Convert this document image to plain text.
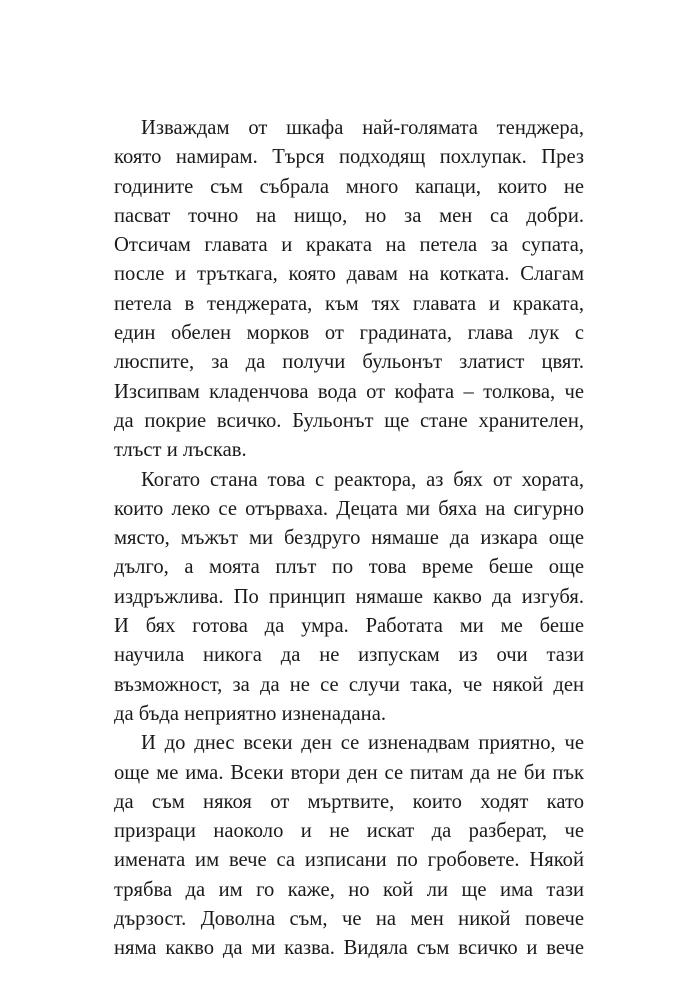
Изваждам от шкафа най-голямата тенджера,
която намирам. Търся подходящ похлупак. През
годините съм събрала много капаци, които не
пасват точно на нищо, но за мен са добри.
Отсичам главата и краката на петела за супата,
после и тръткага, която давам на котката. Слагам
петела в тенджерата, към тях главата и краката,
един обелен морков от градината, глава лук с
люспите, за да получи бульонът златист цвят.
Изсипвам кладенчова вода от кофата – толкова, че
да покрие всичко. Бульонът ще стане хранителен,
тлъст и лъскав.
Когато стана това с реактора, аз бях от хората,
които леко се отърваха. Децата ми бяха на сигурно
място, мъжът ми бездруго нямаше да изкара още
дълго, а моята плът по това време беше още
издръжлива. По принцип нямаше какво да изгубя.
И бях готова да умра. Работата ми ме беше
научила никога да не изпускам из очи тази
възможност, за да не се случи така, че някой ден
да бъда неприятно изненадана.
И до днес всеки ден се изненадвам приятно, че
още ме има. Всеки втори ден се питам да не би пък
да съм някоя от мъртвите, които ходят като
призраци наоколо и не искат да разберат, че
имената им вече са изписани по гробовете. Някой
трябва да им го каже, но кой ли ще има тази
дързост. Доволна съм, че на мен никой повече
няма какво да ми казва. Видяла съм всичко и вече
